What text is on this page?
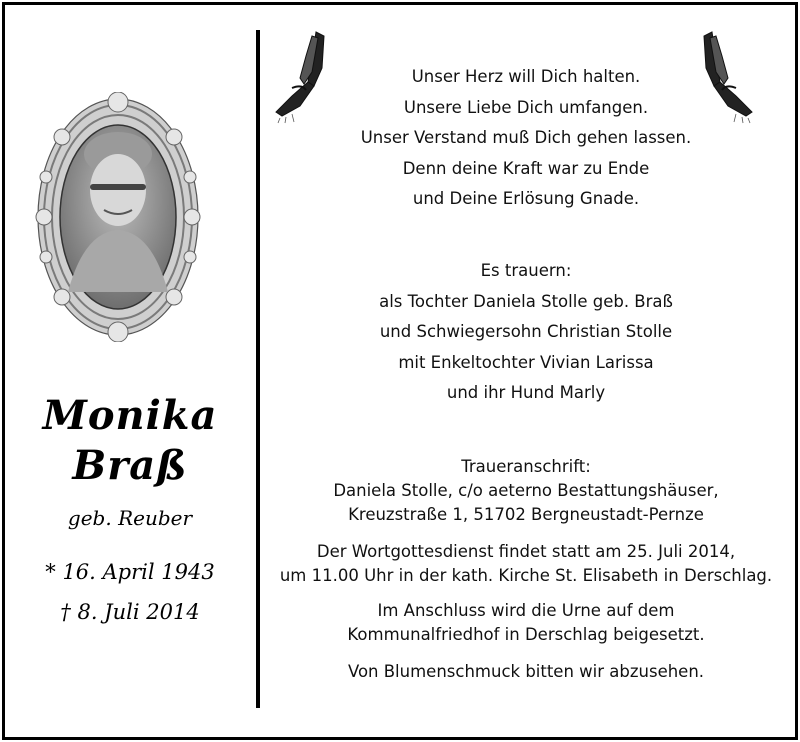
Monika
Braß
geb. Reuber
* 16. April 1943
† 8. Juli 2014
Unser Herz will Dich halten.
Unsere Liebe Dich umfangen.
Unser Verstand muß Dich gehen lassen.
Denn deine Kraft war zu Ende
und Deine Erlösung Gnade.
Es trauern:
als Tochter Daniela Stolle geb. Braß
und Schwiegersohn Christian Stolle
mit Enkeltochter Vivian Larissa
und ihr Hund Marly
Traueranschrift:
Daniela Stolle, c/o aeterno Bestattungshäuser,
Kreuzstraße 1, 51702 Bergneustadt-Pernze
Der Wortgottesdienst findet statt am 25. Juli 2014,
um 11.00 Uhr in der kath. Kirche St. Elisabeth in Derschlag.
Im Anschluss wird die Urne auf dem
Kommunalfriedhof in Derschlag beigesetzt.
Von Blumenschmuck bitten wir abzusehen.
